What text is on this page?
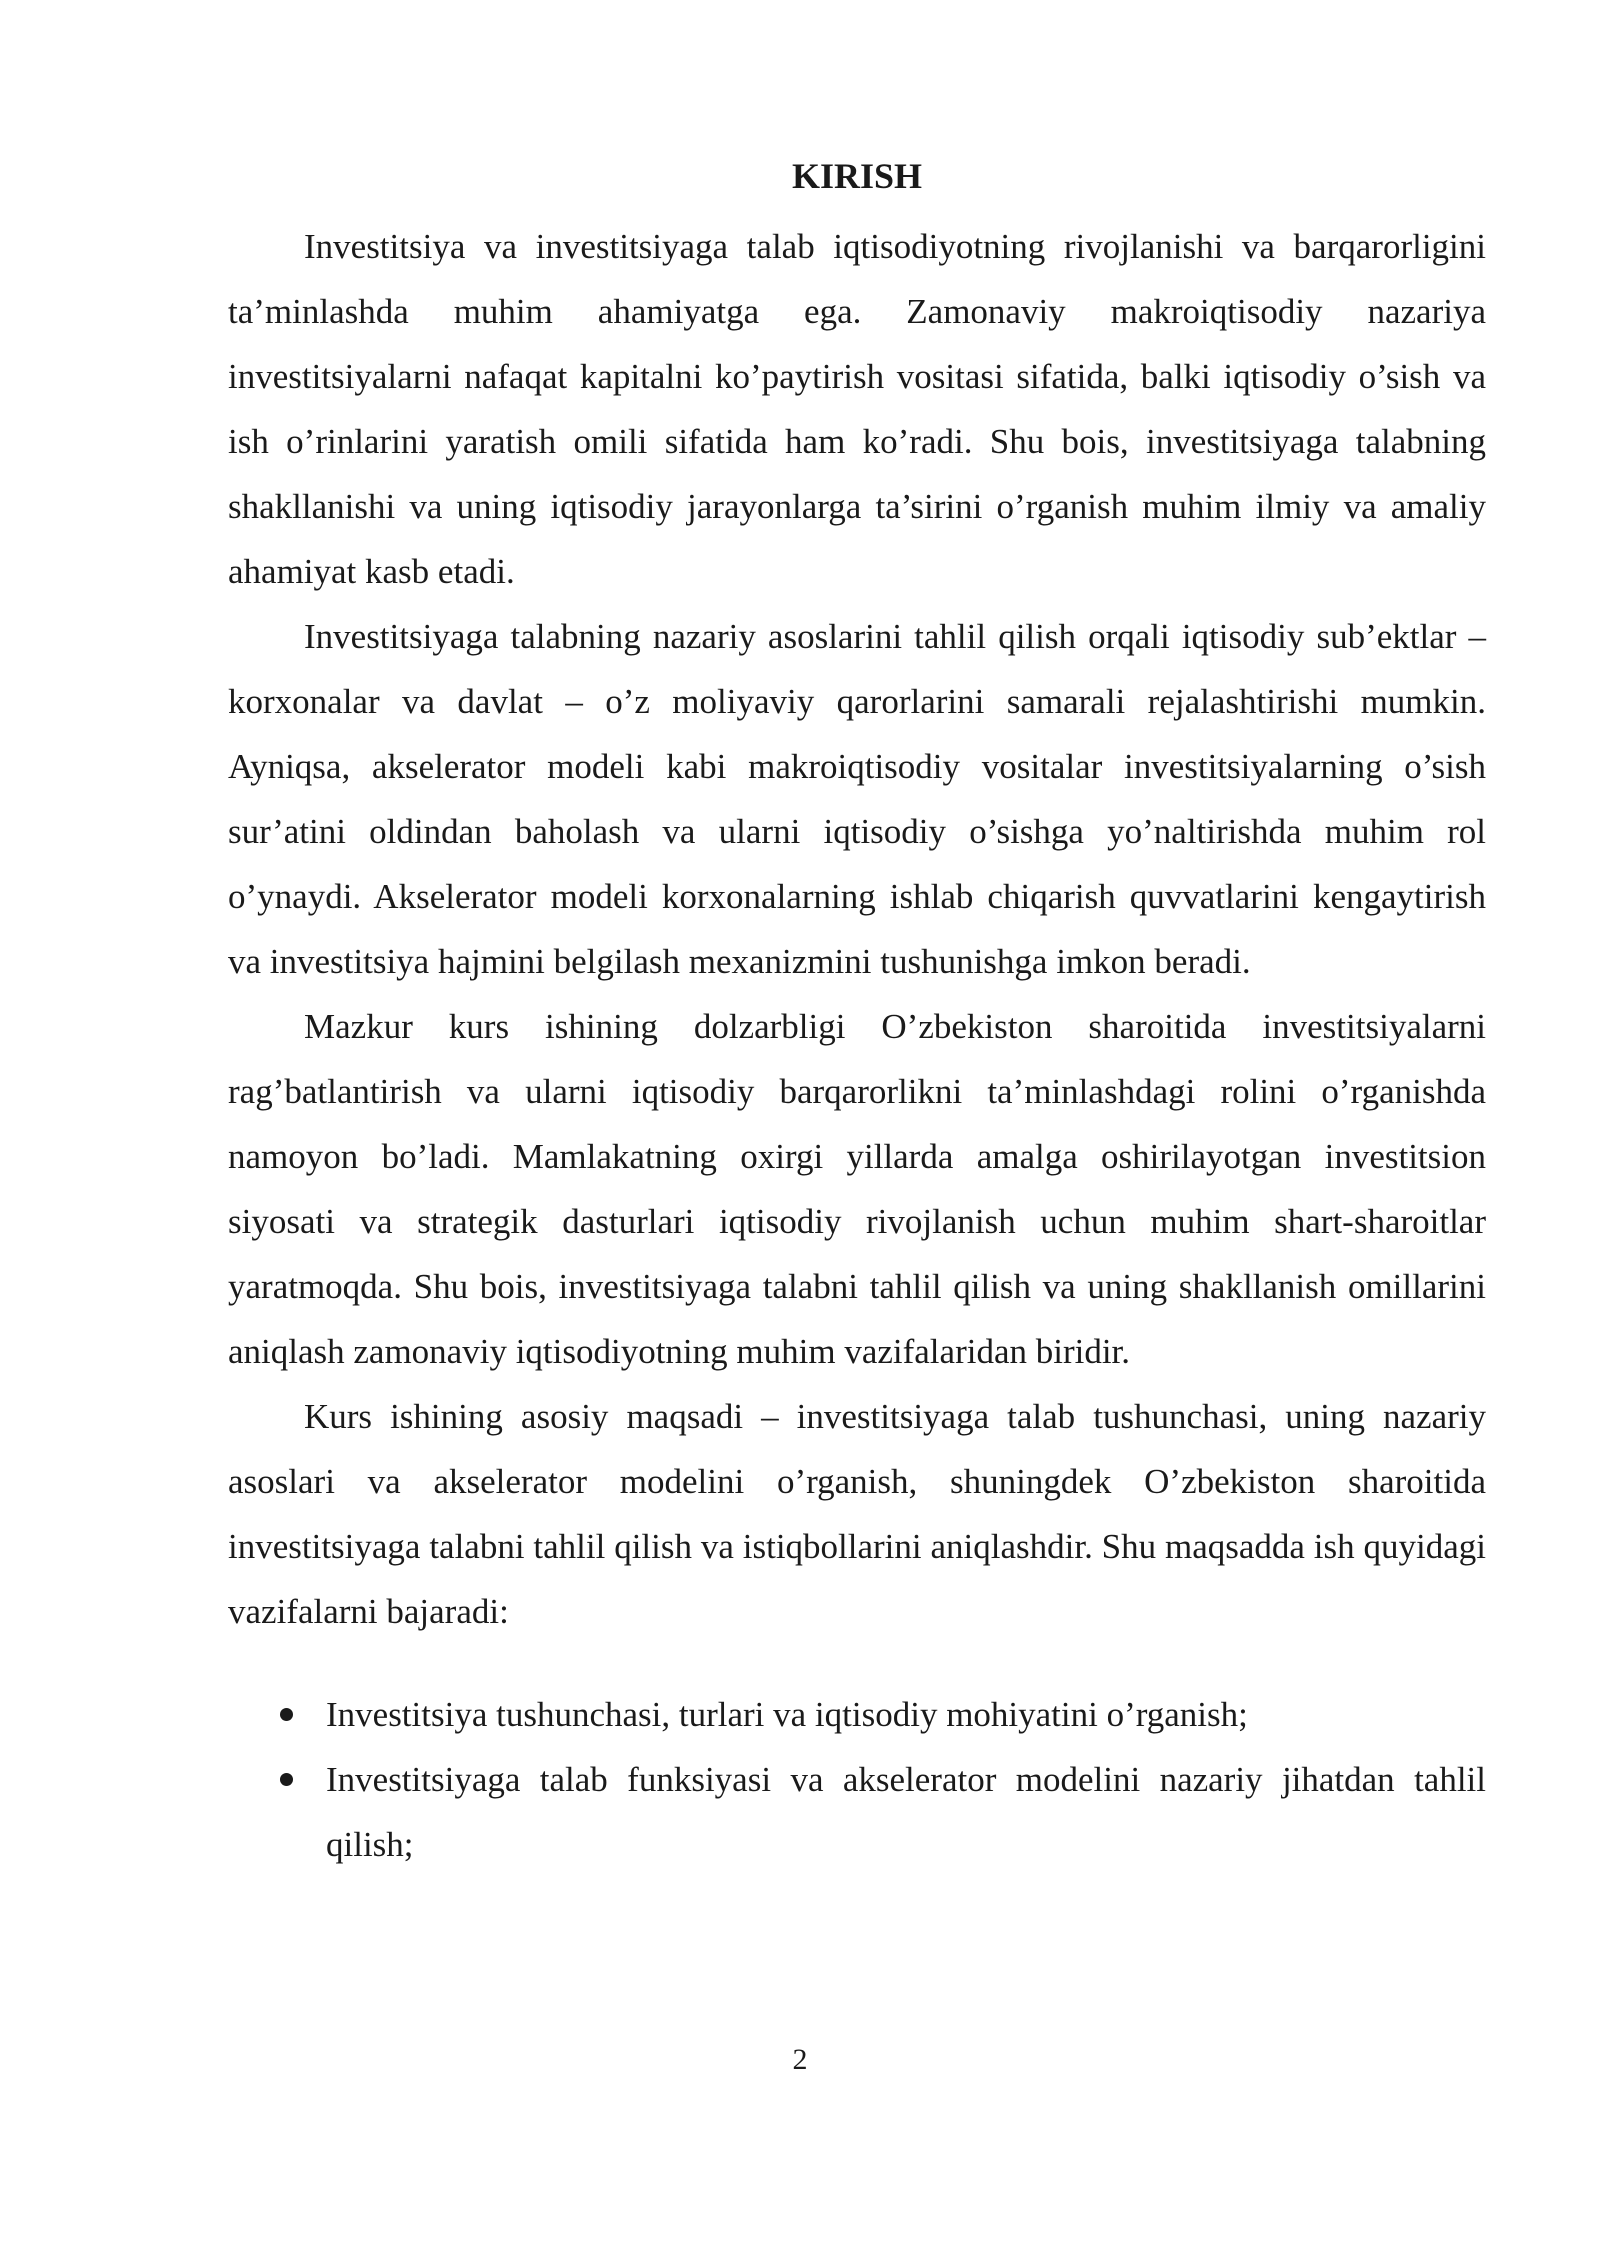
KIRISH

Investitsiya va investitsiyaga talab iqtisodiyotning rivojlanishi va barqarorligini ta’minlashda muhim ahamiyatga ega. Zamonaviy makroiqtisodiy nazariya investitsiyalarni nafaqat kapitalni ko’paytirish vositasi sifatida, balki iqtisodiy o’sish va ish o’rinlarini yaratish omili sifatida ham ko’radi. Shu bois, investitsiyaga talabning shakllanishi va uning iqtisodiy jarayonlarga ta’sirini o’rganish muhim ilmiy va amaliy ahamiyat kasb etadi.

Investitsiyaga talabning nazariy asoslarini tahlil qilish orqali iqtisodiy sub’ektlar – korxonalar va davlat – o’z moliyaviy qarorlarini samarali rejalashtirishi mumkin. Ayniqsa, akselerator modeli kabi makroiqtisodiy vositalar investitsiyalarning o’sish sur’atini oldindan baholash va ularni iqtisodiy o’sishga yo’naltirishda muhim rol o’ynaydi. Akselerator modeli korxonalarning ishlab chiqarish quvvatlarini kengaytirish va investitsiya hajmini belgilash mexanizmini tushunishga imkon beradi.

Mazkur kurs ishining dolzarbligi O’zbekiston sharoitida investitsiyalarni rag’batlantirish va ularni iqtisodiy barqarorlikni ta’minlashdagi rolini o’rganishda namoyon bo’ladi. Mamlakatning oxirgi yillarda amalga oshirilayotgan investitsion siyosati va strategik dasturlari iqtisodiy rivojlanish uchun muhim shart-sharoitlar yaratmoqda. Shu bois, investitsiyaga talabni tahlil qilish va uning shakllanish omillarini aniqlash zamonaviy iqtisodiyotning muhim vazifalaridan biridir.

Kurs ishining asosiy maqsadi – investitsiyaga talab tushunchasi, uning nazariy asoslari va akselerator modelini o’rganish, shuningdek O’zbekiston sharoitida investitsiyaga talabni tahlil qilish va istiqbollarini aniqlashdir. Shu maqsadda ish quyidagi vazifalarni bajaradi:

Investitsiya tushunchasi, turlari va iqtisodiy mohiyatini o’rganish;
Investitsiyaga talab funksiyasi va akselerator modelini nazariy jihatdan tahlil qilish;
2
